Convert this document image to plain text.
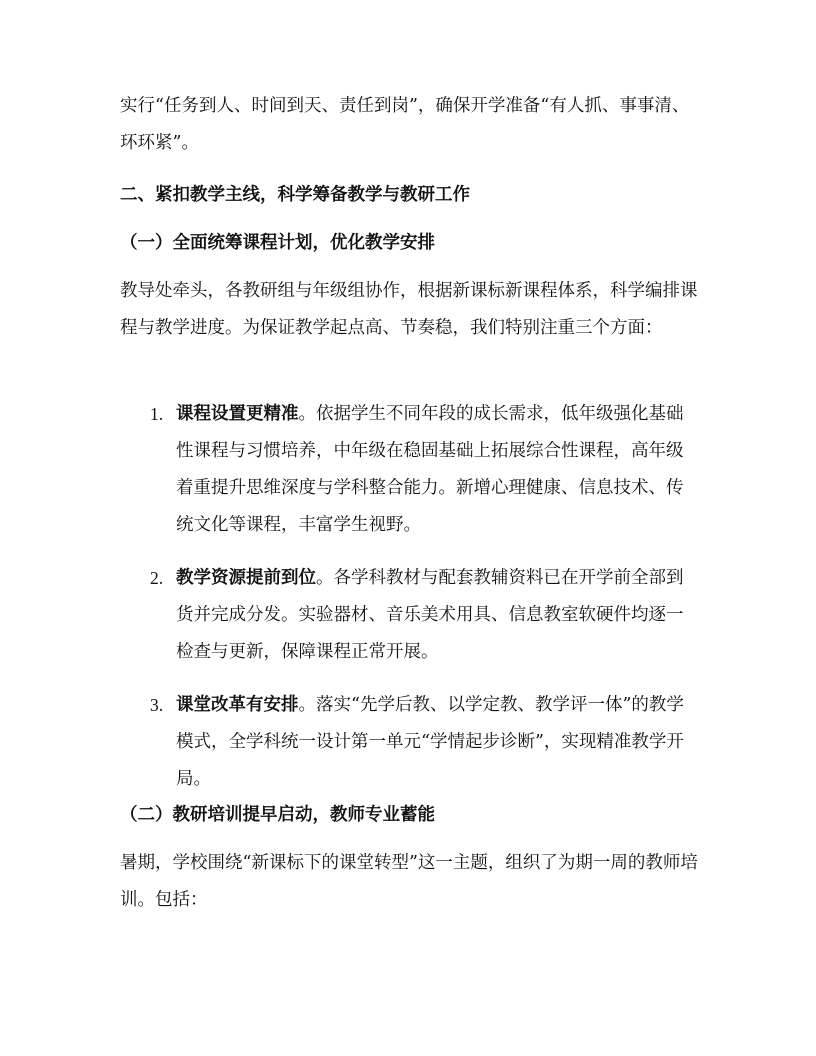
实行“任务到人、时间到天、责任到岗”，确保开学准备“有人抓、事事清、环环紧”。

二、紧扣教学主线，科学筹备教学与教研工作
（一）全面统筹课程计划，优化教学安排

教导处牵头，各教研组与年级组协作，根据新课标新课程体系，科学编排课程与教学进度。为保证教学起点高、节奏稳，我们特别注重三个方面：

1. 课程设置更精准。依据学生不同年段的成长需求，低年级强化基础性课程与习惯培养，中年级在稳固基础上拓展综合性课程，高年级着重提升思维深度与学科整合能力。新增心理健康、信息技术、传统文化等课程，丰富学生视野。
2. 教学资源提前到位。各学科教材与配套教辅资料已在开学前全部到货并完成分发。实验器材、音乐美术用具、信息教室软硬件均逐一检查与更新，保障课程正常开展。
3. 课堂改革有安排。落实“先学后教、以学定教、教学评一体”的教学模式，全学科统一设计第一单元“学情起步诊断”，实现精准教学开局。
（二）教研培训提早启动，教师专业蓄能

暑期，学校围绕“新课标下的课堂转型”这一主题，组织了为期一周的教师培训。包括：
